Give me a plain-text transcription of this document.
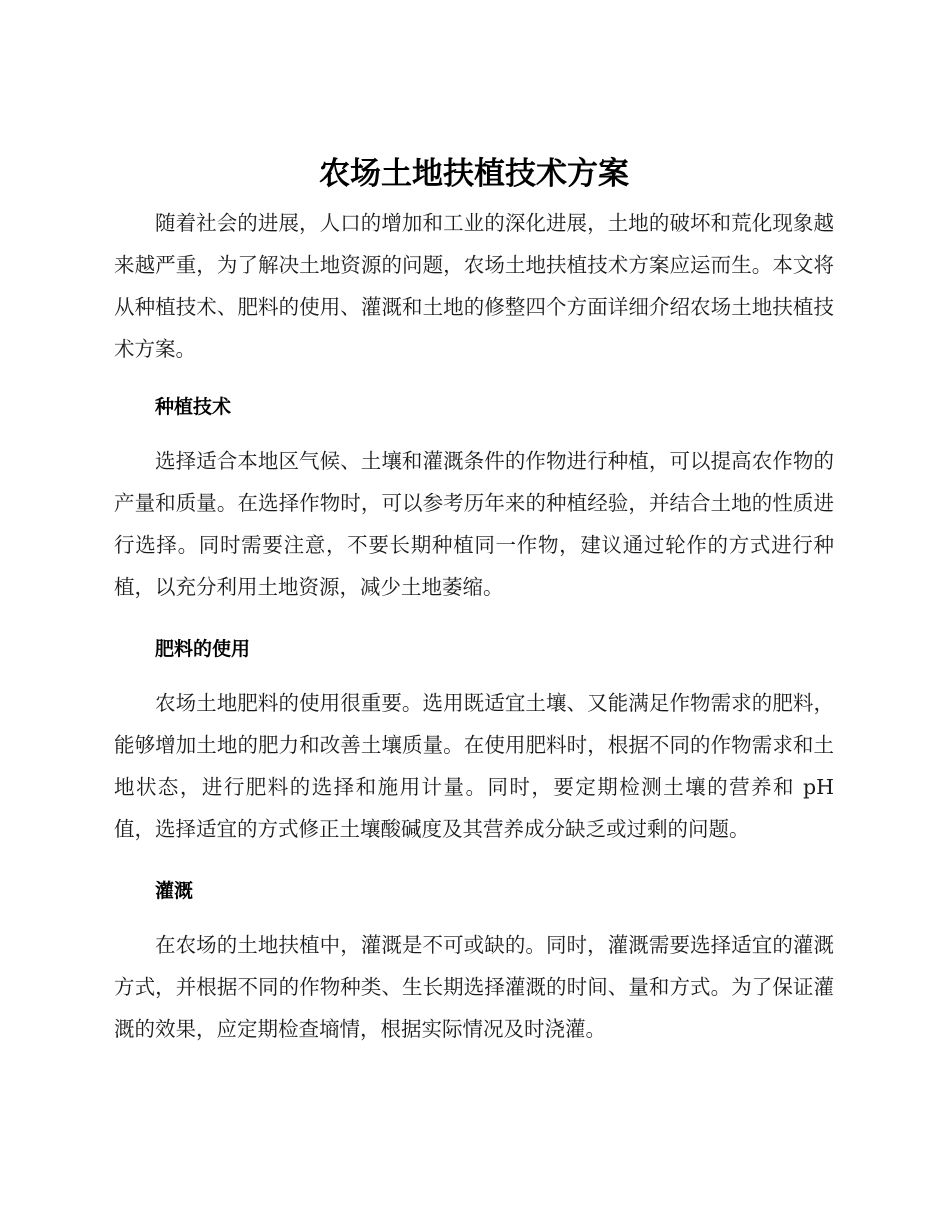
农场土地扶植技术方案

随着社会的进展，人口的增加和工业的深化进展，土地的破坏和荒化现象越来越严重，为了解决土地资源的问题，农场土地扶植技术方案应运而生。本文将从种植技术、肥料的使用、灌溉和土地的修整四个方面详细介绍农场土地扶植技术方案。

种植技术

选择适合本地区气候、土壤和灌溉条件的作物进行种植，可以提高农作物的产量和质量。在选择作物时，可以参考历年来的种植经验，并结合土地的性质进行选择。同时需要注意，不要长期种植同一作物，建议通过轮作的方式进行种植，以充分利用土地资源，减少土地萎缩。

肥料的使用

农场土地肥料的使用很重要。选用既适宜土壤、又能满足作物需求的肥料，能够增加土地的肥力和改善土壤质量。在使用肥料时，根据不同的作物需求和土地状态，进行肥料的选择和施用计量。同时，要定期检测土壤的营养和 pH 值，选择适宜的方式修正土壤酸碱度及其营养成分缺乏或过剩的问题。

灌溉

在农场的土地扶植中，灌溉是不可或缺的。同时，灌溉需要选择适宜的灌溉方式，并根据不同的作物种类、生长期选择灌溉的时间、量和方式。为了保证灌溉的效果，应定期检查墒情，根据实际情况及时浇灌。
